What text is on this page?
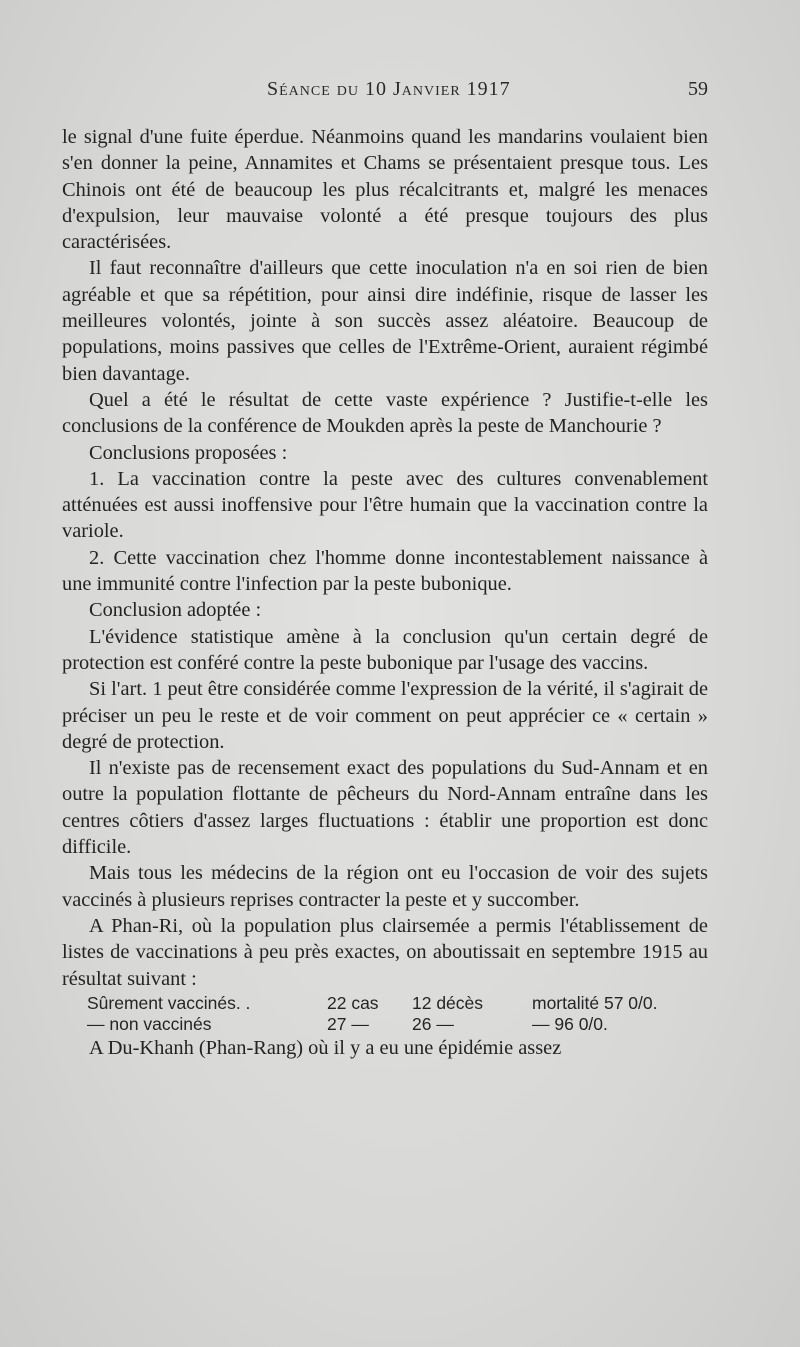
Séance du 10 Janvier 1917	59

le signal d'une fuite éperdue. Néanmoins quand les mandarins voulaient bien s'en donner la peine, Annamites et Chams se présentaient presque tous. Les Chinois ont été de beaucoup les plus récalcitrants et, malgré les menaces d'expulsion, leur mauvaise volonté a été presque toujours des plus caractérisées.

Il faut reconnaître d'ailleurs que cette inoculation n'a en soi rien de bien agréable et que sa répétition, pour ainsi dire indéfinie, risque de lasser les meilleures volontés, jointe à son succès assez aléatoire. Beaucoup de populations, moins passives que celles de l'Extrême-Orient, auraient régimbé bien davantage.

Quel a été le résultat de cette vaste expérience ? Justifie-t-elle les conclusions de la conférence de Moukden après la peste de Manchourie ?

Conclusions proposées :

1. La vaccination contre la peste avec des cultures convenablement atténuées est aussi inoffensive pour l'être humain que la vaccination contre la variole.

2. Cette vaccination chez l'homme donne incontestablement naissance à une immunité contre l'infection par la peste bubonique.

Conclusion adoptée :

L'évidence statistique amène à la conclusion qu'un certain degré de protection est conféré contre la peste bubonique par l'usage des vaccins.

Si l'art. 1 peut être considérée comme l'expression de la vérité, il s'agirait de préciser un peu le reste et de voir comment on peut apprécier ce « certain » degré de protection.

Il n'existe pas de recensement exact des populations du Sud-Annam et en outre la population flottante de pêcheurs du Nord-Annam entraîne dans les centres côtiers d'assez larges fluctuations : établir une proportion est donc difficile.

Mais tous les médecins de la région ont eu l'occasion de voir des sujets vaccinés à plusieurs reprises contracter la peste et y succomber.

A Phan-Ri, où la population plus clairsemée a permis l'établissement de listes de vaccinations à peu près exactes, on aboutissait en septembre 1915 au résultat suivant :

Sûrement vaccinés. .	22 cas 12 décès	mortalité 57 0/0.
— non vaccinés	27 — 26 —	— 96 0/0.

A Du-Khanh (Phan-Rang) où il y a eu une épidémie assez
